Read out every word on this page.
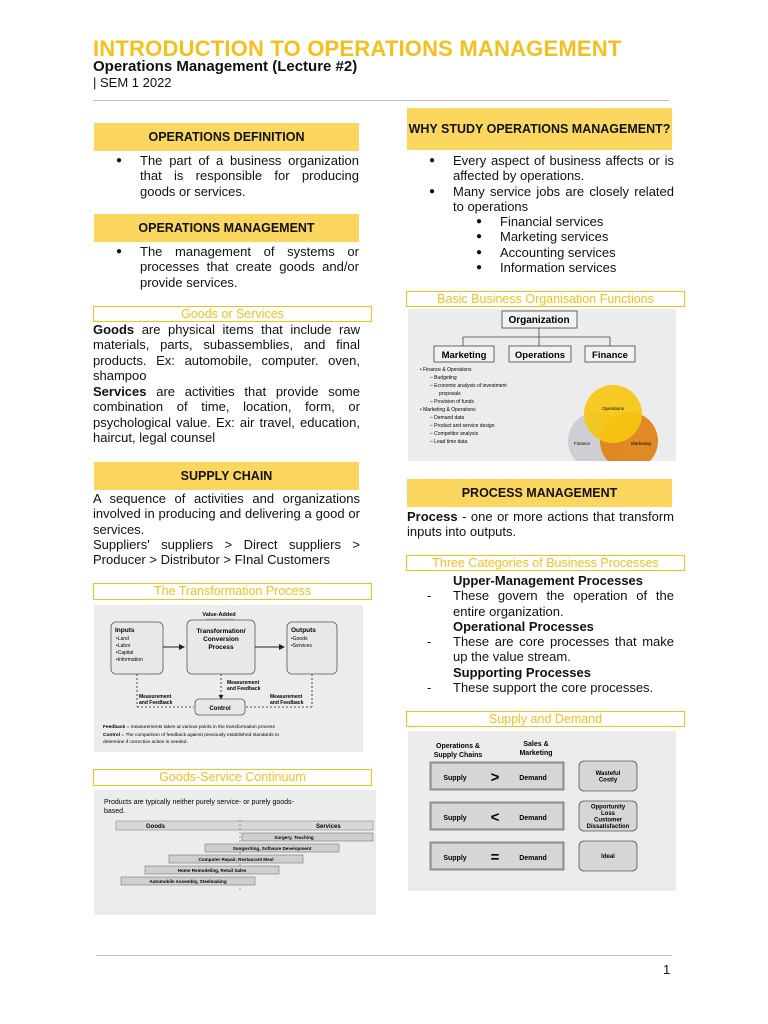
INTRODUCTION TO OPERATIONS MANAGEMENT
Operations Management (Lecture #2)
| SEM 1 2022
OPERATIONS DEFINITION
● The part of a business organization that is responsible for producing goods or services.
OPERATIONS MANAGEMENT
● The management of systems or processes that create goods and/or provide services.
Goods or Services
Goods are physical items that include raw materials, parts, subassemblies, and final products. Ex: automobile, computer. oven, shampoo
Services are activities that provide some combination of time, location, form, or psychological value. Ex: air travel, education, haircut, legal counsel
SUPPLY CHAIN
A sequence of activities and organizations involved in producing and delivering a good or services.
Suppliers' suppliers > Direct suppliers > Producer > Distributor > FInal Customers
The Transformation Process
Value-Added
Inputs
•Land
•Labor
•Capital
•Information
Transformation/
Conversion
Process
Outputs
•Goods
•Services
Measurement
and Feedback
Measurement
and Feedback
Measurement
and Feedback
Control
Feedback = measurements taken at various points in the transformation process
Control = The comparison of feedback against previously established standards to
determine if corrective action is needed.
Goods-Service Continuum
Products are typically neither purely service- or purely goods-
based.
Goods	Services
Surgery, Teaching
Songwriting, Software Development
Computer Repair, Restaurant Meal
Home Remodeling, Retail Sales
Automobile Assembly, Steelmaking
WHY STUDY OPERATIONS MANAGEMENT?
● Every aspect of business affects or is affected by operations.
● Many service jobs are closely related to operations
● Financial services
● Marketing services
● Accounting services
● Information services
Basic Business Organisation Functions
Organization
Marketing	Operations	Finance
• Finance & Operations
– Budgeting
– Economic analysis of investment
proposals
– Provision of funds
• Marketing & Operations
– Demand data
– Product and service design
– Competitor analysis
– Lead time data
Operations
Finance	Marketing
PROCESS MANAGEMENT
Process - one or more actions that transform inputs into outputs.
Three Categories of Business Processes
Upper-Management Processes
- These govern the operation of the entire organization.
Operational Processes
- These are core processes that make up the value stream.
Supporting Processes
- These support the core processes.
Supply and Demand
Operations &
Supply Chains
Sales &
Marketing
Supply >	Demand
Wasteful
Costly
Supply <	Demand
Opportunity
Loss
Customer
Dissatisfaction
Supply =	Demand	Ideal
1
